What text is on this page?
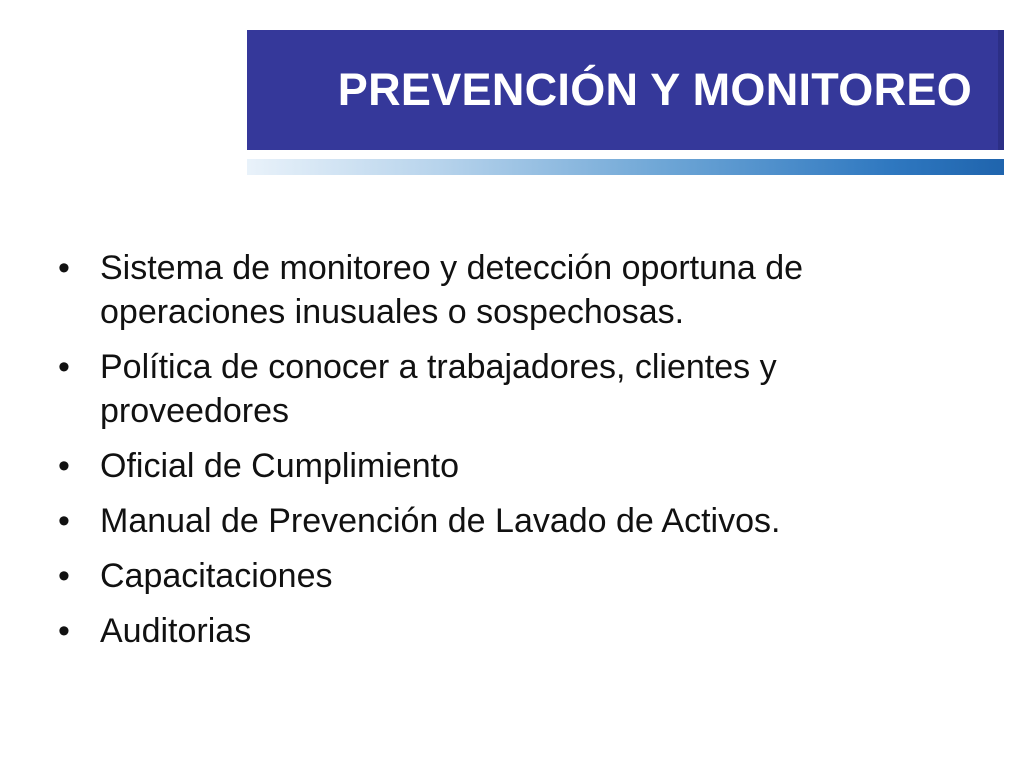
PREVENCIÓN Y MONITOREO
• Sistema de monitoreo y detección oportuna de operaciones inusuales o sospechosas.
• Política de conocer a trabajadores, clientes y proveedores
• Oficial de Cumplimiento
• Manual de Prevención de Lavado de Activos.
• Capacitaciones
• Auditorias
